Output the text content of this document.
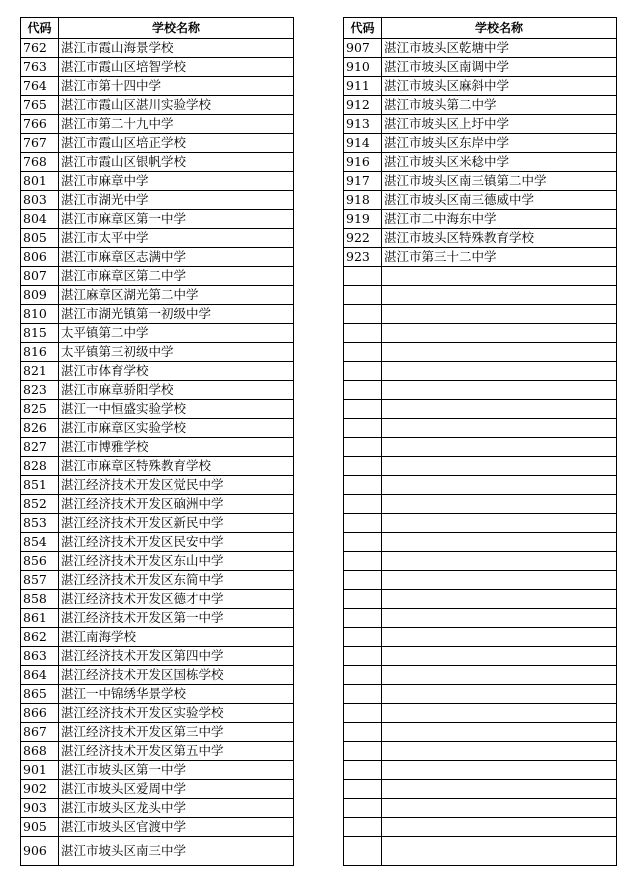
代码	学校名称
762	湛江市霞山海景学校
763	湛江市霞山区培智学校
764	湛江市第十四中学
765	湛江市霞山区湛川实验学校
766	湛江市第二十九中学
767	湛江市霞山区培正学校
768	湛江市霞山区银帆学校
801	湛江市麻章中学
803	湛江市湖光中学
804	湛江市麻章区第一中学
805	湛江市太平中学
806	湛江市麻章区志满中学
807	湛江市麻章区第二中学
809	湛江麻章区湖光第二中学
810	湛江市湖光镇第一初级中学
815	太平镇第二中学
816	太平镇第三初级中学
821	湛江市体育学校
823	湛江市麻章骄阳学校
825	湛江一中恒盛实验学校
826	湛江市麻章区实验学校
827	湛江市博雅学校
828	湛江市麻章区特殊教育学校
851	湛江经济技术开发区觉民中学
852	湛江经济技术开发区硇洲中学
853	湛江经济技术开发区新民中学
854	湛江经济技术开发区民安中学
856	湛江经济技术开发区东山中学
857	湛江经济技术开发区东简中学
858	湛江经济技术开发区德才中学
861	湛江经济技术开发区第一中学
862	湛江南海学校
863	湛江经济技术开发区第四中学
864	湛江经济技术开发区国栋学校
865	湛江一中锦绣华景学校
866	湛江经济技术开发区实验学校
867	湛江经济技术开发区第三中学
868	湛江经济技术开发区第五中学
901	湛江市坡头区第一中学
902	湛江市坡头区爱周中学
903	湛江市坡头区龙头中学
905	湛江市坡头区官渡中学
906	湛江市坡头区南三中学
代码	学校名称
907	湛江市坡头区乾塘中学
910	湛江市坡头区南调中学
911	湛江市坡头区麻斜中学
912	湛江市坡头第二中学
913	湛江市坡头区上圩中学
914	湛江市坡头区东岸中学
916	湛江市坡头区米稔中学
917	湛江市坡头区南三镇第二中学
918	湛江市坡头区南三德威中学
919	湛江市二中海东中学
922	湛江市坡头区特殊教育学校
923	湛江市第三十二中学
